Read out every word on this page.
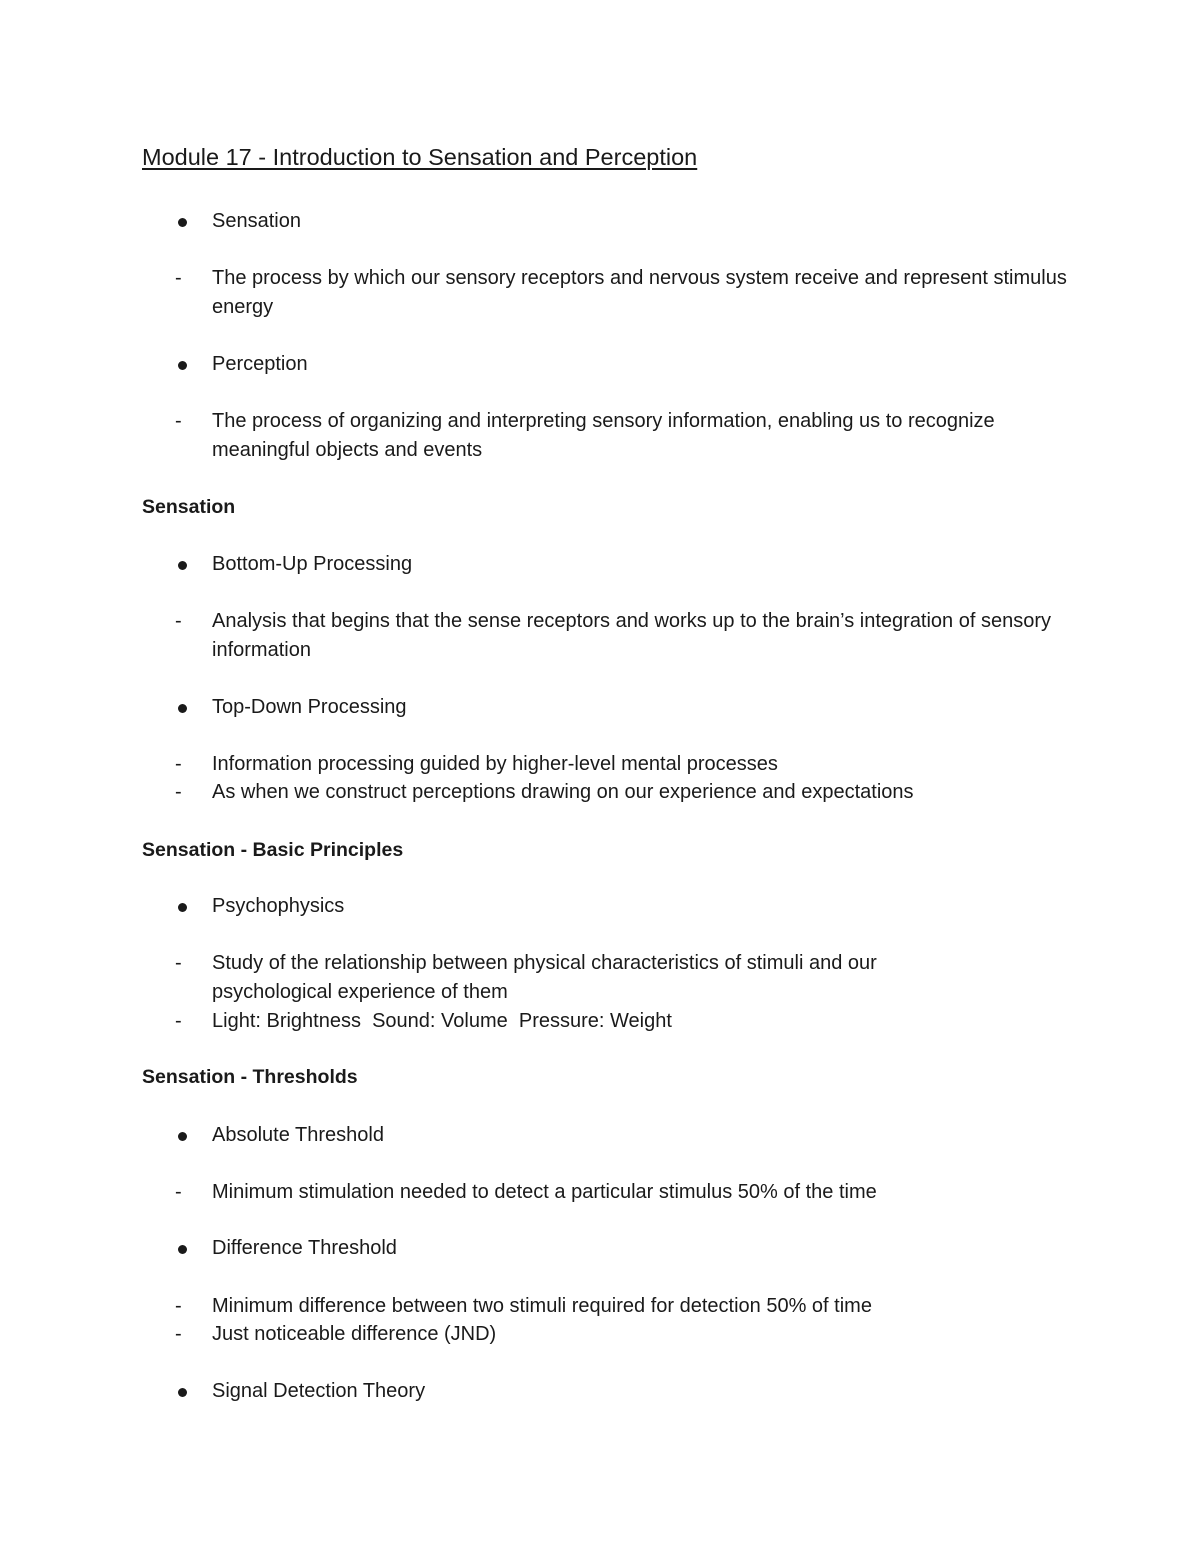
Module 17 - Introduction to Sensation and Perception
Sensation
- The process by which our sensory receptors and nervous system receive and represent stimulus energy
Perception
- The process of organizing and interpreting sensory information, enabling us to recognize meaningful objects and events
Sensation
Bottom-Up Processing
- Analysis that begins that the sense receptors and works up to the brain’s integration of sensory information
Top-Down Processing
- Information processing guided by higher-level mental processes
- As when we construct perceptions drawing on our experience and expectations
Sensation - Basic Principles
Psychophysics
- Study of the relationship between physical characteristics of stimuli and our psychological experience of them
- Light: Brightness  Sound: Volume  Pressure: Weight
Sensation - Thresholds
Absolute Threshold
- Minimum stimulation needed to detect a particular stimulus 50% of the time
Difference Threshold
- Minimum difference between two stimuli required for detection 50% of time
- Just noticeable difference (JND)
Signal Detection Theory
